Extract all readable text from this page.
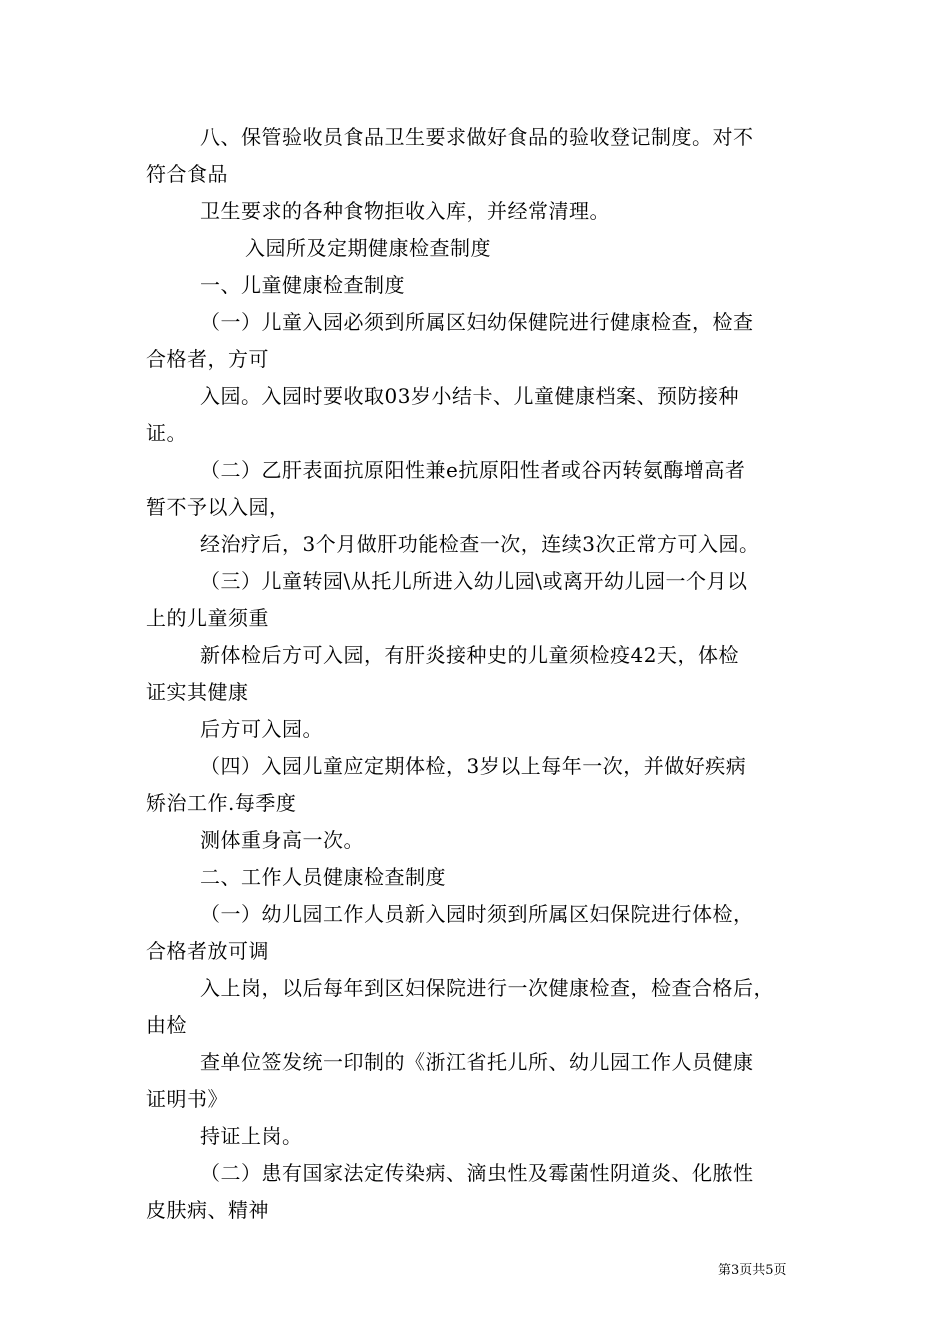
八、保管验收员食品卫生要求做好食品的验收登记制度。对不
符合食品
卫生要求的各种食物拒收入库，并经常清理。
入园所及定期健康检查制度
一、儿童健康检查制度
（一）儿童入园必须到所属区妇幼保健院进行健康检查，检查
合格者，方可
入园。入园时要收取03岁小结卡、儿童健康档案、预防接种
证。
（二）乙肝表面抗原阳性兼e抗原阳性者或谷丙转氨酶增高者
暂不予以入园，
经治疗后，3个月做肝功能检查一次，连续3次正常方可入园。
（三）儿童转园\从托儿所进入幼儿园\或离开幼儿园一个月以
上的儿童须重
新体检后方可入园，有肝炎接种史的儿童须检疫42天，体检
证实其健康
后方可入园。
（四）入园儿童应定期体检，3岁以上每年一次，并做好疾病
矫治工作.每季度
测体重身高一次。
二、工作人员健康检查制度
（一）幼儿园工作人员新入园时须到所属区妇保院进行体检，
合格者放可调
入上岗，以后每年到区妇保院进行一次健康检查，检查合格后，
由检
查单位签发统一印制的《浙江省托儿所、幼儿园工作人员健康
证明书》
持证上岗。
（二）患有国家法定传染病、滴虫性及霉菌性阴道炎、化脓性
皮肤病、精神
第3页共5页
